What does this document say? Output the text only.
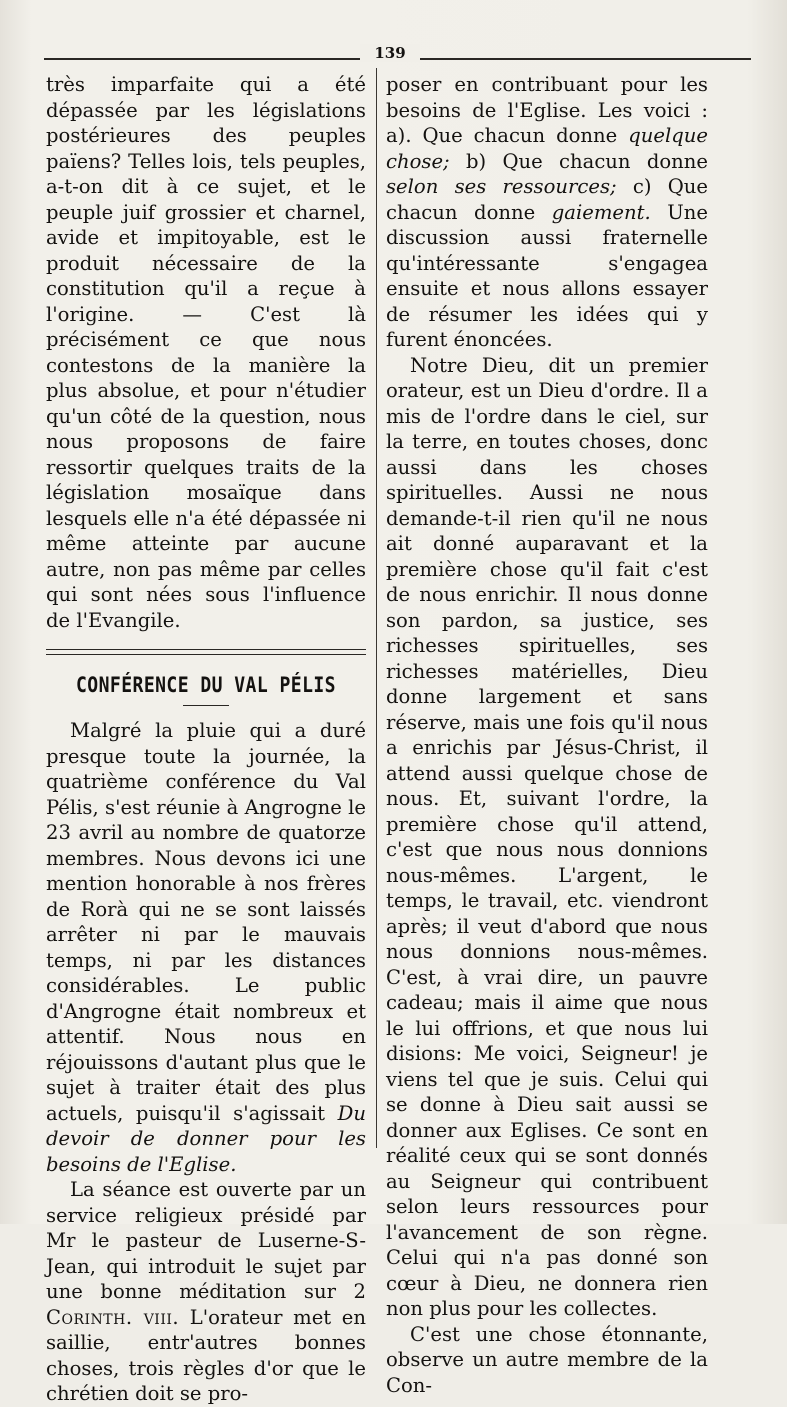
139

très imparfaite qui a été dépassée par les législations postérieures des peuples païens? Telles lois, tels peuples, a-t-on dit à ce sujet, et le peuple juif grossier et charnel, avide et impitoyable, est le produit nécessaire de la constitution qu'il a reçue à l'origine. — C'est là précisément ce que nous contestons de la manière la plus absolue, et pour n'étudier qu'un côté de la question, nous nous proposons de faire ressortir quelques traits de la législation mosaïque dans lesquels elle n'a été dépassée ni même atteinte par aucune autre, non pas même par celles qui sont nées sous l'influence de l'Evangile.

CONFÉRENCE DU VAL PÉLIS

Malgré la pluie qui a duré presque toute la journée, la quatrième conférence du Val Pélis, s'est réunie à Angrogne le 23 avril au nombre de quatorze membres. Nous devons ici une mention honorable à nos frères de Rorà qui ne se sont laissés arrêter ni par le mauvais temps, ni par les distances considérables. Le public d'Angrogne était nombreux et attentif. Nous nous en réjouissons d'autant plus que le sujet à traiter était des plus actuels, puisqu'il s'agissait Du devoir de donner pour les besoins de l'Eglise.

La séance est ouverte par un service religieux présidé par Mr le pasteur de Luserne-S-Jean, qui introduit le sujet par une bonne méditation sur 2 Corinth. viii. L'orateur met en saillie, entr'autres bonnes choses, trois règles d'or que le chrétien doit se pro-

poser en contribuant pour les besoins de l'Eglise. Les voici : a). Que chacun donne quelque chose; b) Que chacun donne selon ses ressources; c) Que chacun donne gaiement. Une discussion aussi fraternelle qu'intéressante s'engagea ensuite et nous allons essayer de résumer les idées qui y furent énoncées.

Notre Dieu, dit un premier orateur, est un Dieu d'ordre. Il a mis de l'ordre dans le ciel, sur la terre, en toutes choses, donc aussi dans les choses spirituelles. Aussi ne nous demande-t-il rien qu'il ne nous ait donné auparavant et la première chose qu'il fait c'est de nous enrichir. Il nous donne son pardon, sa justice, ses richesses spirituelles, ses richesses matérielles, Dieu donne largement et sans réserve, mais une fois qu'il nous a enrichis par Jésus-Christ, il attend aussi quelque chose de nous. Et, suivant l'ordre, la première chose qu'il attend, c'est que nous nous donnions nous-mêmes. L'argent, le temps, le travail, etc. viendront après; il veut d'abord que nous nous donnions nous-mêmes. C'est, à vrai dire, un pauvre cadeau; mais il aime que nous le lui offrions, et que nous lui disions: Me voici, Seigneur! je viens tel que je suis. Celui qui se donne à Dieu sait aussi se donner aux Eglises. Ce sont en réalité ceux qui se sont donnés au Seigneur qui contribuent selon leurs ressources pour l'avancement de son règne. Celui qui n'a pas donné son cœur à Dieu, ne donnera rien non plus pour les collectes.

C'est une chose étonnante, observe un autre membre de la Con-
